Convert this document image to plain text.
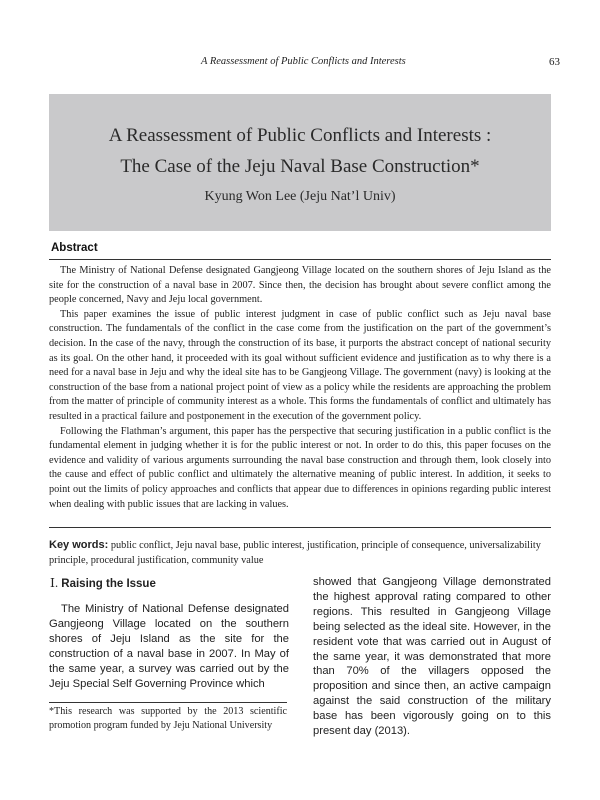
A Reassessment of Public Conflicts and Interests	63
A Reassessment of Public Conflicts and Interests :
The Case of the Jeju Naval Base Construction*
Kyung Won Lee (Jeju Nat’l Univ)
Abstract

The Ministry of National Defense designated Gangjeong Village located on the southern shores of Jeju Island as the site for the construction of a naval base in 2007. Since then, the decision has brought about severe conflict among the people concerned, Navy and Jeju local government.

This paper examines the issue of public interest judgment in case of public conflict such as Jeju naval base construction. The fundamentals of the conflict in the case come from the justification on the part of the government’s decision. In the case of the navy, through the construction of its base, it purports the abstract concept of national security as its goal. On the other hand, it proceeded with its goal without sufficient evidence and justification as to why there is a need for a naval base in Jeju and why the ideal site has to be Gangjeong Village. The government (navy) is looking at the construction of the base from a national project point of view as a policy while the residents are approaching the problem from the matter of principle of community interest as a whole. This forms the fundamentals of conflict and ultimately has resulted in a practical failure and postponement in the execution of the government policy.

Following the Flathman’s argument, this paper has the perspective that securing justification in a public conflict is the fundamental element in judging whether it is for the public interest or not. In order to do this, this paper focuses on the evidence and validity of various arguments surrounding the naval base construction and through them, look closely into the cause and effect of public conflict and ultimately the alternative meaning of public interest. In addition, it seeks to point out the limits of policy approaches and conflicts that appear due to differences in opinions regarding public interest when dealing with public issues that are lacking in values.

Key words: public conflict, Jeju naval base, public interest, justification, principle of consequence, universalizability principle, procedural justification, community value
Ⅰ. Raising the Issue

The Ministry of National Defense designated Gangjeong Village located on the southern shores of Jeju Island as the site for the construction of a naval base in 2007. In May of the same year, a survey was carried out by the Jeju Special Self Governing Province which

*This research was supported by the 2013 scientific promotion program funded by Jeju National University

showed that Gangjeong Village demonstrated the highest approval rating compared to other regions. This resulted in Gangjeong Village being selected as the ideal site. However, in the resident vote that was carried out in August of the same year, it was demonstrated that more than 70% of the villagers opposed the proposition and since then, an active campaign against the said construction of the military base has been vigorously going on to this present day (2013).
